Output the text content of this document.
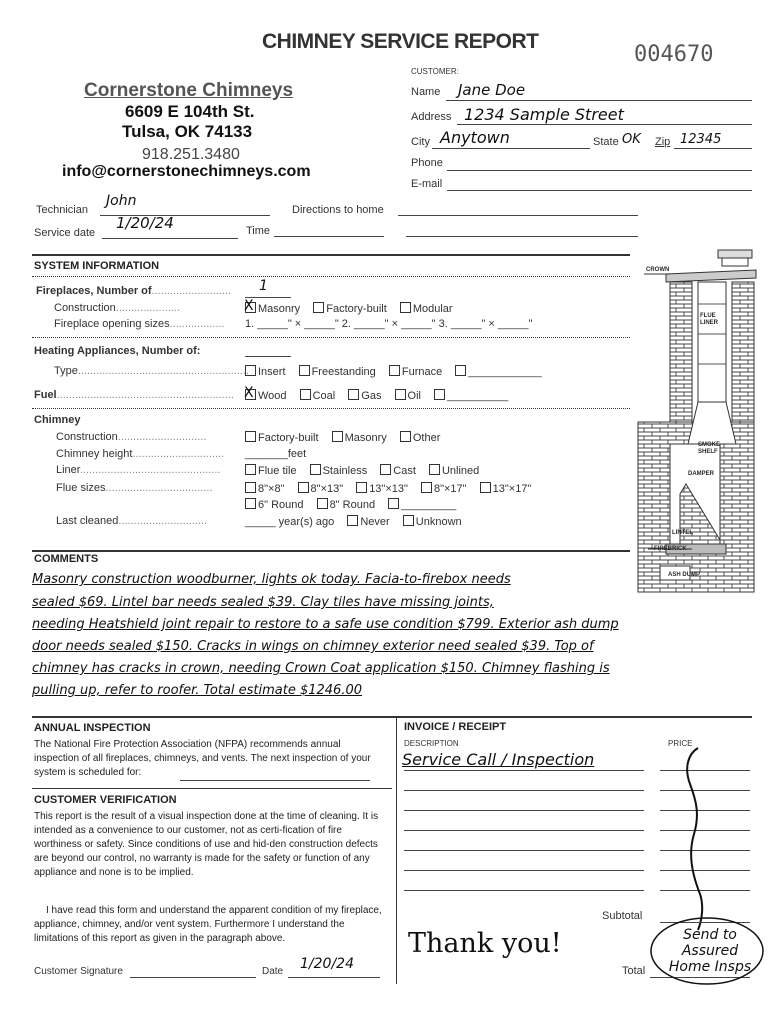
CHIMNEY SERVICE REPORT
004670
Cornerstone Chimneys
6609 E 104th St.
Tulsa, OK 74133
918.251.3480
info@cornerstonechimneys.com
CUSTOMER:
Name Jane Doe
Address 1234 Sample Street
City Anytown	State OK Zip 12345
Phone
E-mail
Technician
John
Directions to home
Service date
1/20/24	Time
SYSTEM INFORMATION
Fireplaces, Number of.......................... 1
Construction..................... X	Masonry Factory-built Modular
Fireplace opening sizes.................. 1. _____" × _____" 2. _____" × _____" 3. _____" × _____"
Heating Appliances, Number of:
Type........................................................ Insert Freestanding Furnace ____________
Fuel.......................................................... X	Wood Coal Gas Oil __________
Chimney
Construction.............................	Factory-built Masonry Other
Chimney height.............................. _______feet
Liner..............................................	Flue tile Stainless Cast Unlined
Flue sizes...................................	8"×8" 8"×13" 13"×13" 8"×17" 13"×17"
6" Round 8" Round _________
Last cleaned.............................	_____ year(s) ago Never Unknown
CROWN
FLUE LINER
SMOKE SHELF
DAMPER
LINTEL
FIREBRICK
ASH DUMP
COMMENTS
Masonry construction woodburner, lights ok today. Facia-to-firebox needs
sealed $69. Lintel bar needs sealed $39. Clay tiles have missing joints,
needing Heatshield joint repair to restore to a safe use condition $799. Exterior ash dump
door needs sealed $150. Cracks in wings on chimney exterior need sealed $39. Top of
chimney has cracks in crown, needing Crown Coat application $150. Chimney flashing is
pulling up, refer to roofer. Total estimate $1246.00
ANNUAL INSPECTION
The National Fire Protection Association (NFPA) recommends annual inspection of all fireplaces, chimneys, and vents. The next inspection of your system is scheduled for:
CUSTOMER VERIFICATION
This report is the result of a visual inspection done at the time of cleaning. It is intended as a convenience to our customer, not as certi-fication of fire worthiness or safety. Since conditions of use and hid-den construction defects are beyond our control, no warranty is made for the safety or function of any appliance and none is to be implied.
I have read this form and understand the apparent condition of my fireplace, appliance, chimney, and/or vent system. Furthermore I understand the limitations of this report as given in the paragraph above.
Customer Signature	Date 1/20/24
INVOICE / RECEIPT
DESCRIPTION	PRICE
Service Call / Inspection
Subtotal
Total
Thank you!	Send to Assured Home Insps
